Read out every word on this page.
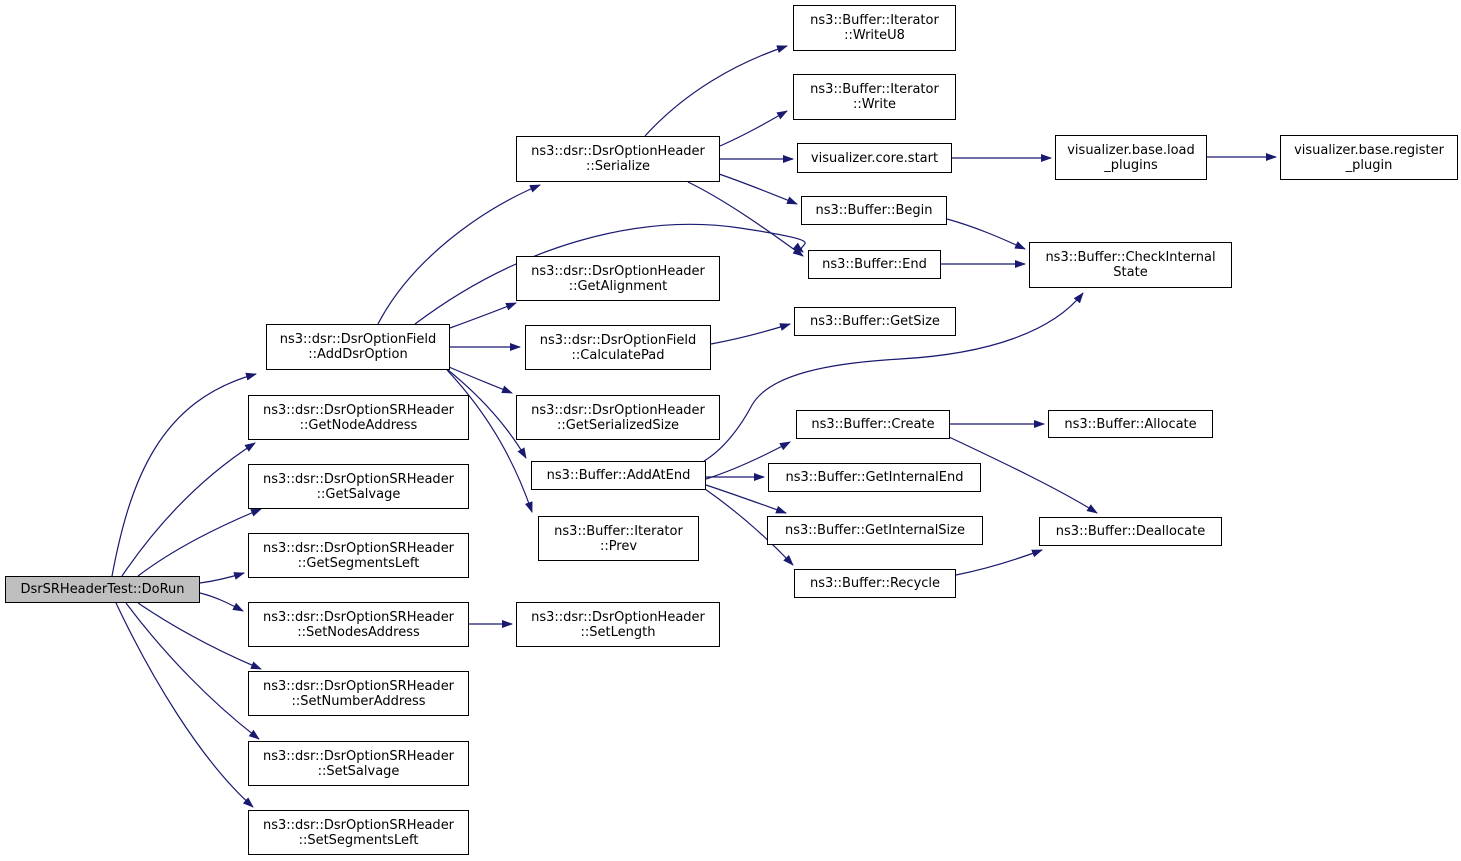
DsrSRHeaderTest::DoRun
ns3::dsr::DsrOptionField
::AddDsrOption
ns3::dsr::DsrOptionSRHeader
::GetNodeAddress
ns3::dsr::DsrOptionSRHeader
::GetSalvage
ns3::dsr::DsrOptionSRHeader
::GetSegmentsLeft
ns3::dsr::DsrOptionSRHeader
::SetNodesAddress
ns3::dsr::DsrOptionSRHeader
::SetNumberAddress
ns3::dsr::DsrOptionSRHeader
::SetSalvage
ns3::dsr::DsrOptionSRHeader
::SetSegmentsLeft
ns3::dsr::DsrOptionHeader
::Serialize
ns3::dsr::DsrOptionHeader
::GetAlignment
ns3::dsr::DsrOptionField
::CalculatePad
ns3::dsr::DsrOptionHeader
::GetSerializedSize
ns3::Buffer::AddAtEnd
ns3::Buffer::Iterator
::Prev
ns3::dsr::DsrOptionHeader
::SetLength
ns3::Buffer::Iterator
::WriteU8
ns3::Buffer::Iterator
::Write
visualizer.core.start
ns3::Buffer::Begin
ns3::Buffer::End
ns3::Buffer::GetSize
ns3::Buffer::Create
ns3::Buffer::GetInternalEnd
ns3::Buffer::GetInternalSize
ns3::Buffer::Recycle
visualizer.base.load
_plugins
ns3::Buffer::CheckInternal
State
ns3::Buffer::Allocate
ns3::Buffer::Deallocate
visualizer.base.register
_plugin
